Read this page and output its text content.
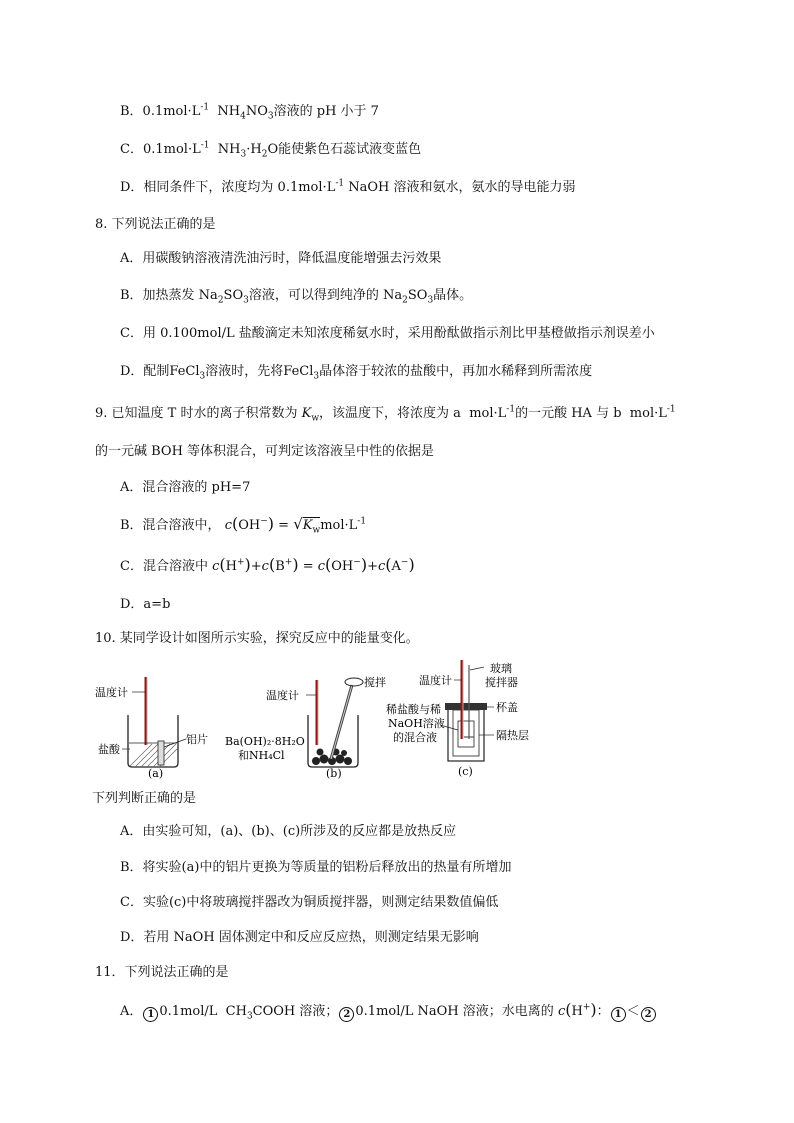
B．$0.1mol\cdot L^{-1}$  $NH_4NO_3$溶液的 pH 小于 7
C．$0.1mol\cdot L^{-1}$  $NH_3\cdot H_2O$能使紫色石蕊试液变蓝色
D．相同条件下，浓度均为 $0.1mol\cdot L^{-1}$ NaOH 溶液和氨水，氨水的导电能力弱
8. 下列说法正确的是
A．用碳酸钠溶液清洗油污时，降低温度能增强去污效果
B．加热蒸发 $Na_2SO_3$溶液，可以得到纯净的 $Na_2SO_3$晶体。
C．用 0.100mol/L 盐酸滴定未知浓度稀氨水时，采用酚酞做指示剂比甲基橙做指示剂误差小
D．配制FeCl$_3$溶液时，先将FeCl$_3$晶体溶于较浓的盐酸中，再加水稀释到所需浓度
9. 已知温度 T 时水的离子积常数为 $K_w$，该温度下，将浓度为 a  $mol\cdot L^{-1}$的一元酸 HA 与 b  $mol\cdot L^{-1}$
的一元碱 BOH 等体积混合，可判定该溶液呈中性的依据是
A．混合溶液的 pH=7
B．混合溶液中， $c(OH^-) = √K_wmol\cdot L^{-1}$
C．混合溶液中 c(H+)+c(B+) = c(OH−)+c(A−)
D．a=b
10. 某同学设计如图所示实验，探究反应中的能量变化。
温度计
铝片
盐酸
(a)
温度计
搅拌
Ba(OH)₂·8H₂O
和NH₄Cl
(b)
温度计
玻璃
搅拌器
杯盖
稀盐酸与稀
NaOH溶液
的混合液	隔热层
(c)
下列判断正确的是
A．由实验可知，(a)、(b)、(c)所涉及的反应都是放热反应
B．将实验(a)中的铝片更换为等质量的铝粉后释放出的热量有所增加
C．实验(c)中将玻璃搅拌器改为铜质搅拌器，则测定结果数值偏低
D．若用 NaOH 固体测定中和反应反应热，则测定结果无影响
11．下列说法正确的是
A． 1 0.1mol/L  $CH_3COOH$ 溶液； 2 0.1mol/L NaOH 溶液；水电离的 c(H+)： 1 ＜ 2
